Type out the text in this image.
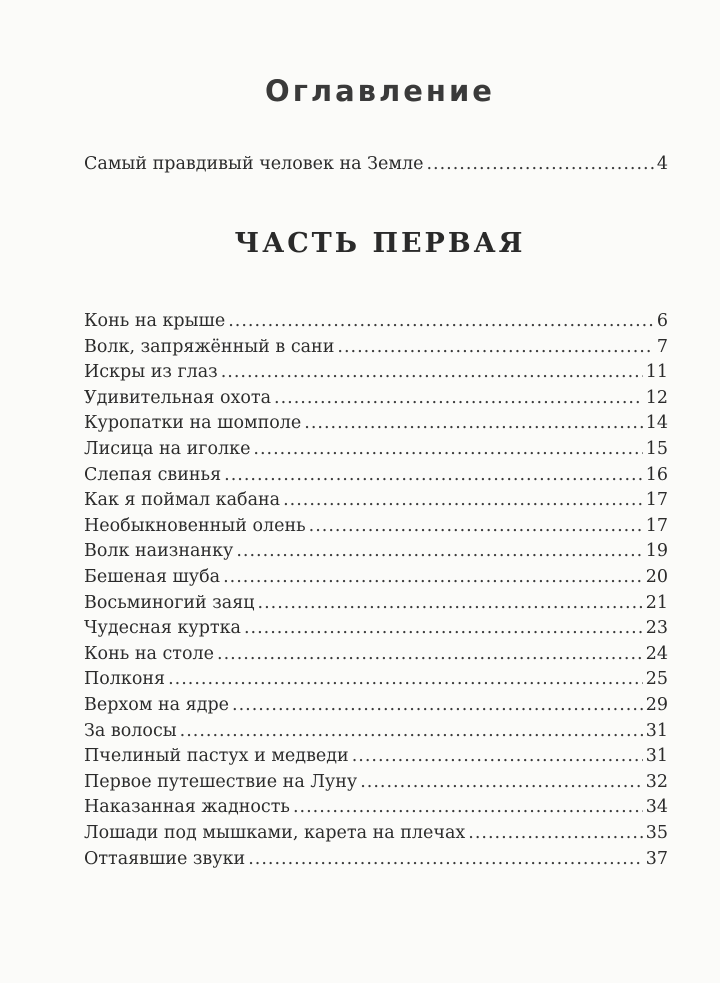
Оглавление
Самый правдивый человек на Земле .....	4
ЧАСТЬ ПЕРВАЯ
Конь на крыше .....	6
Волк, запряжённый в сани .....	7
Искры из глаз .....	11
Удивительная охота .....	12
Куропатки на шомполе .....	14
Лисица на иголке .....	15
Слепая свинья .....	16
Как я поймал кабана .....	17
Необыкновенный олень .....	17
Волк наизнанку .....	19
Бешеная шуба .....	20
Восьминогий заяц .....	21
Чудесная куртка .....	23
Конь на столе .....	24
Полконя .....	25
Верхом на ядре .....	29
За волосы .....	31
Пчелиный пастух и медведи .....	31
Первое путешествие на Луну .....	32
Наказанная жадность .....	34
Лошади под мышками, карета на плечах .....	35
Оттаявшие звуки .....	37
